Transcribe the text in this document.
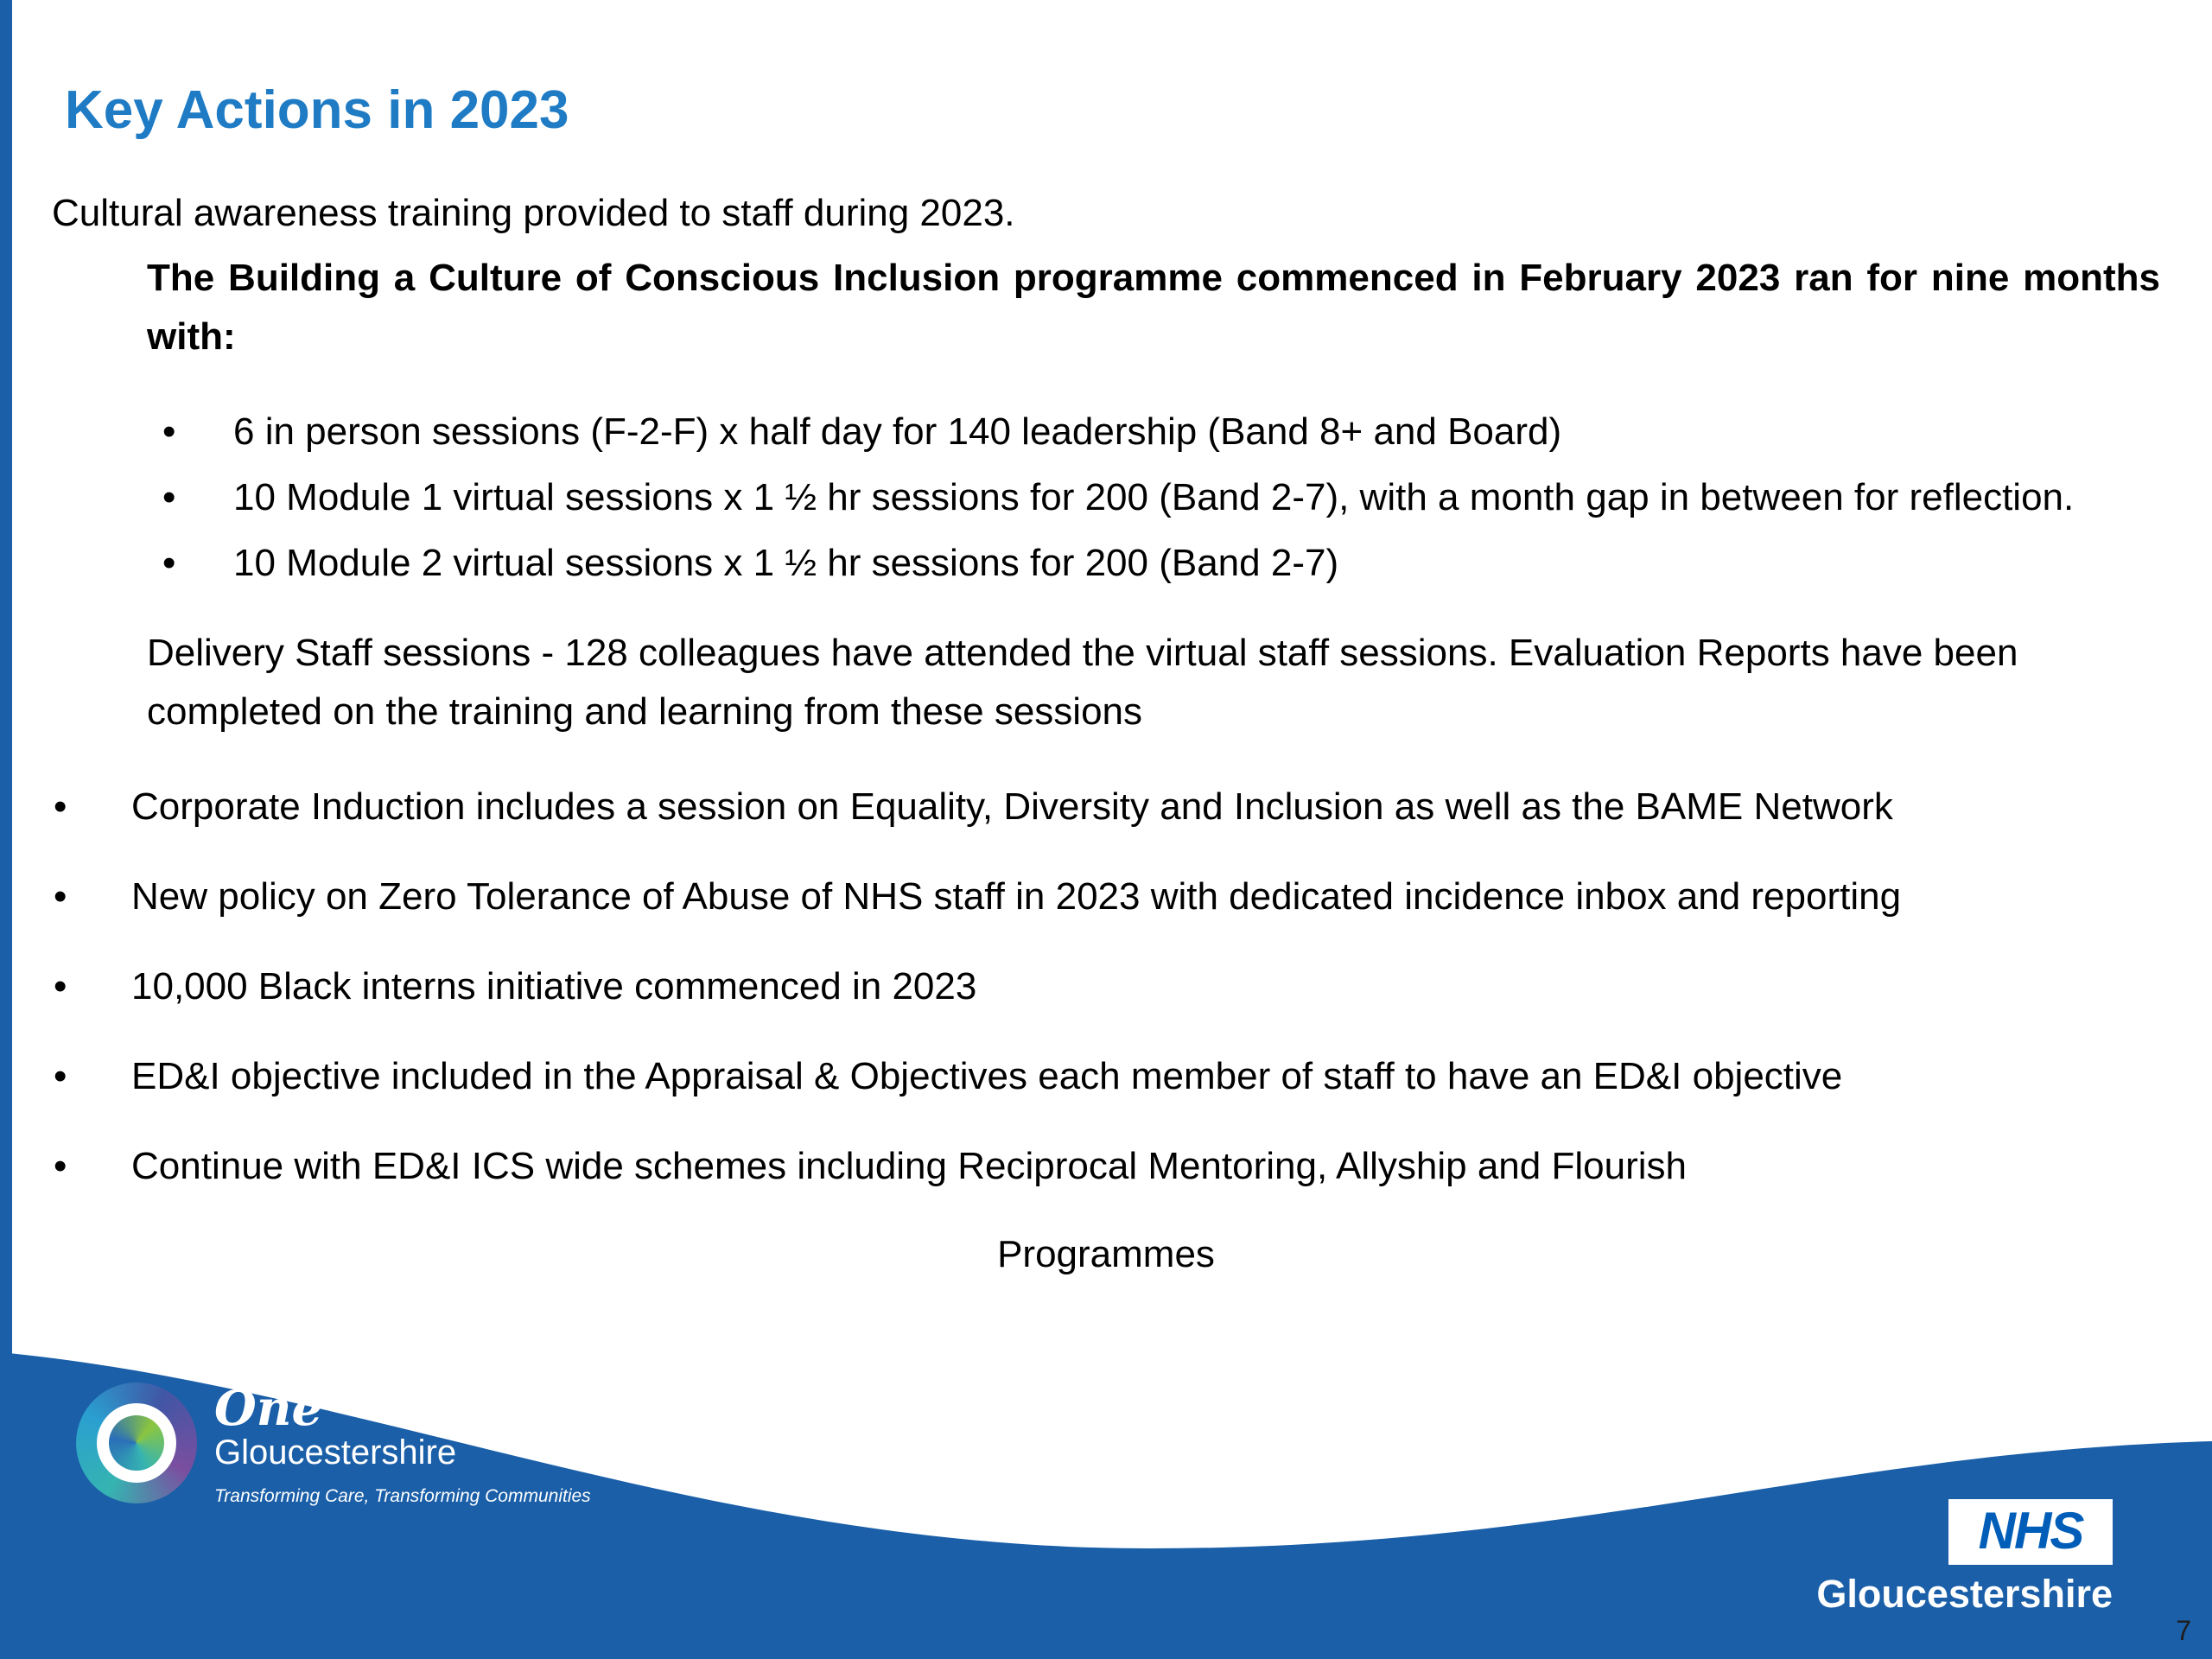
Key Actions in 2023

Cultural awareness training provided to staff during 2023.

The Building a Culture of Conscious Inclusion programme commenced in February 2023 ran for nine months with:

• 6 in person sessions (F-2-F) x half day for 140 leadership (Band 8+ and Board)
• 10 Module 1 virtual sessions x 1 ½ hr sessions for 200 (Band 2-7), with a month gap in between for reflection.
• 10 Module 2 virtual sessions x 1 ½ hr sessions for 200 (Band 2-7)

Delivery Staff sessions - 128 colleagues have attended the virtual staff sessions. Evaluation Reports have been completed on the training and learning from these sessions

• Corporate Induction includes a session on Equality, Diversity and Inclusion as well as the BAME Network
• New policy on Zero Tolerance of Abuse of NHS staff in 2023 with dedicated incidence inbox and reporting
• 10,000 Black interns initiative commenced in 2023
• ED&I objective included in the Appraisal & Objectives each member of staff to have an ED&I objective
• Continue with ED&I ICS wide schemes including Reciprocal Mentoring, Allyship and Flourish

Programmes

One
Gloucestershire
Transforming Care, Transforming Communities
NHS
Gloucestershire
7
